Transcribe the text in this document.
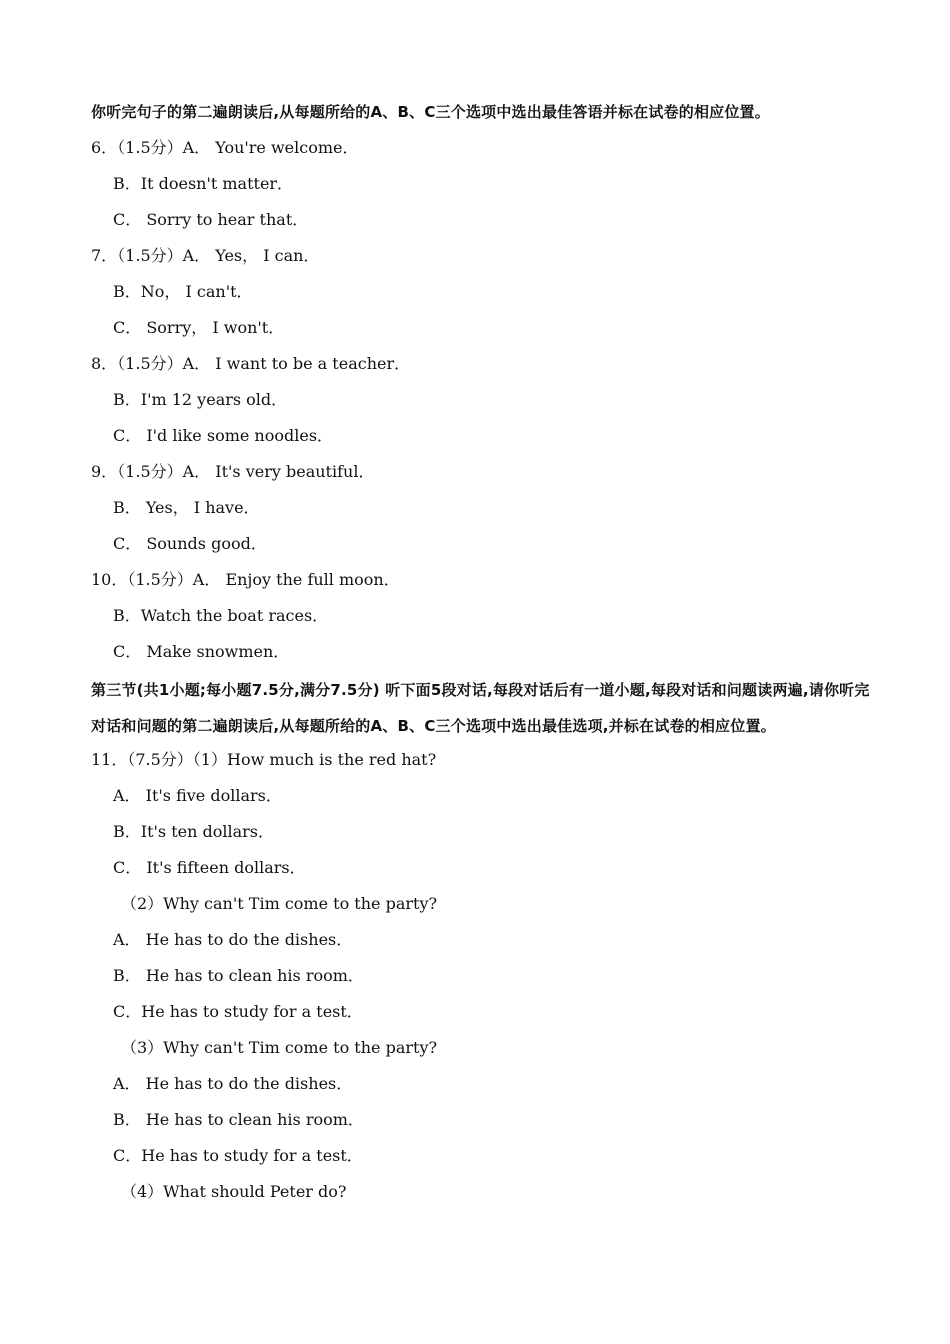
你听完句子的第二遍朗读后,从每题所给的A、B、C三个选项中选出最佳答语并标在试卷的相应位置。
6．（1.5分）A． You're welcome．
B．It doesn't matter．
C． Sorry to hear that．
7．（1.5分）A． Yes， I can．
B．No， I can't．
C． Sorry， I won't．
8．（1.5分）A． I want to be a teacher．
B．I'm 12 years old．
C． I'd like some noodles．
9．（1.5分）A． It's very beautiful．
B． Yes， I have．
C． Sounds good．
10．（1.5分）A． Enjoy the full moon．
B．Watch the boat races．
C． Make snowmen．
第三节(共1小题;每小题7.5分,满分7.5分) 听下面5段对话,每段对话后有一道小题,每段对话和问题读两遍,请你听完对话和问题的第二遍朗读后,从每题所给的A、B、C三个选项中选出最佳选项,并标在试卷的相应位置。
11．（7.5分）（1）How much is the red hat?
A． It's five dollars．
B．It's ten dollars．
C． It's fifteen dollars．
（2）Why can't Tim come to the party?
A． He has to do the dishes．
B． He has to clean his room．
C．He has to study for a test．
（3）Why can't Tim come to the party?
A． He has to do the dishes．
B． He has to clean his room．
C．He has to study for a test．
（4）What should Peter do?
